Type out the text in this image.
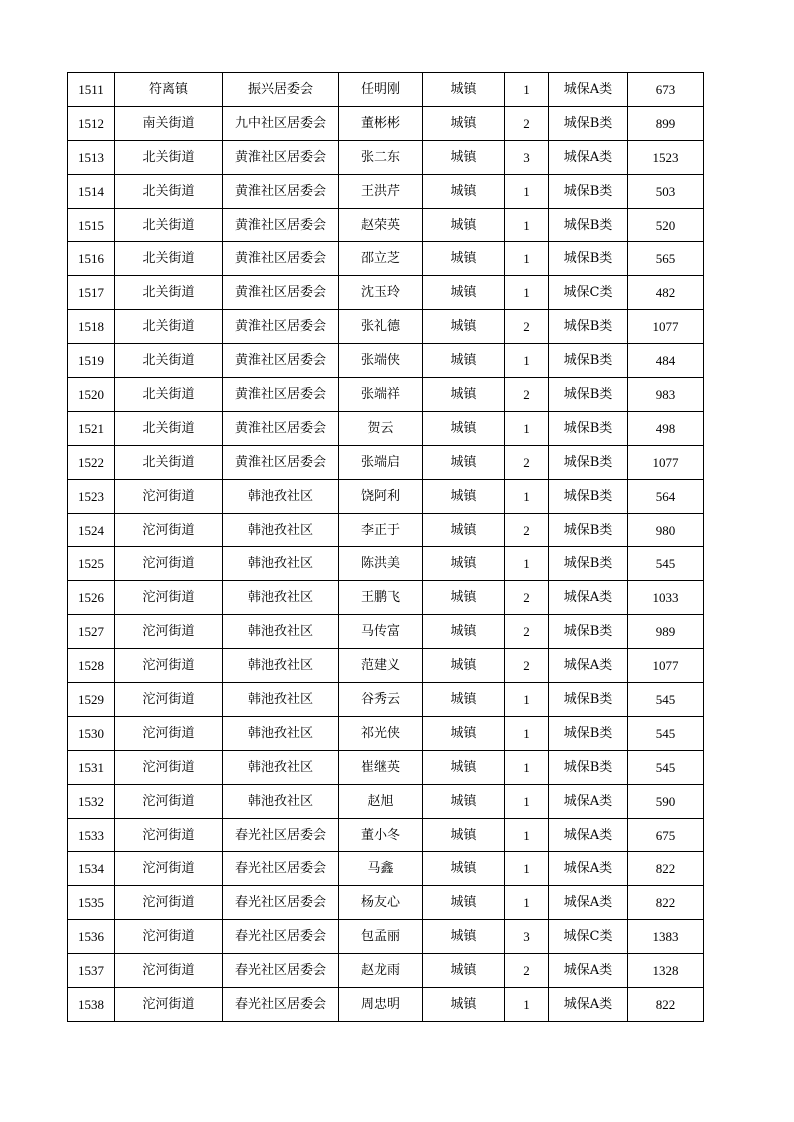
1511	符离镇	振兴居委会	任明刚	城镇	1	城保A类	673
1512	南关街道	九中社区居委会	董彬彬	城镇	2	城保B类	899
1513	北关街道	黄淮社区居委会	张二东	城镇	3	城保A类	1523
1514	北关街道	黄淮社区居委会	王洪芹	城镇	1	城保B类	503
1515	北关街道	黄淮社区居委会	赵荣英	城镇	1	城保B类	520
1516	北关街道	黄淮社区居委会	邵立芝	城镇	1	城保B类	565
1517	北关街道	黄淮社区居委会	沈玉玲	城镇	1	城保C类	482
1518	北关街道	黄淮社区居委会	张礼德	城镇	2	城保B类	1077
1519	北关街道	黄淮社区居委会	张端侠	城镇	1	城保B类	484
1520	北关街道	黄淮社区居委会	张端祥	城镇	2	城保B类	983
1521	北关街道	黄淮社区居委会	贺云	城镇	1	城保B类	498
1522	北关街道	黄淮社区居委会	张端启	城镇	2	城保B类	1077
1523	沱河街道	韩池孜社区	饶阿利	城镇	1	城保B类	564
1524	沱河街道	韩池孜社区	李正于	城镇	2	城保B类	980
1525	沱河街道	韩池孜社区	陈洪美	城镇	1	城保B类	545
1526	沱河街道	韩池孜社区	王鹏飞	城镇	2	城保A类	1033
1527	沱河街道	韩池孜社区	马传富	城镇	2	城保B类	989
1528	沱河街道	韩池孜社区	范建义	城镇	2	城保A类	1077
1529	沱河街道	韩池孜社区	谷秀云	城镇	1	城保B类	545
1530	沱河街道	韩池孜社区	祁光侠	城镇	1	城保B类	545
1531	沱河街道	韩池孜社区	崔继英	城镇	1	城保B类	545
1532	沱河街道	韩池孜社区	赵旭	城镇	1	城保A类	590
1533	沱河街道	春光社区居委会	董小冬	城镇	1	城保A类	675
1534	沱河街道	春光社区居委会	马鑫	城镇	1	城保A类	822
1535	沱河街道	春光社区居委会	杨友心	城镇	1	城保A类	822
1536	沱河街道	春光社区居委会	包孟丽	城镇	3	城保C类	1383
1537	沱河街道	春光社区居委会	赵龙雨	城镇	2	城保A类	1328
1538	沱河街道	春光社区居委会	周忠明	城镇	1	城保A类	822
